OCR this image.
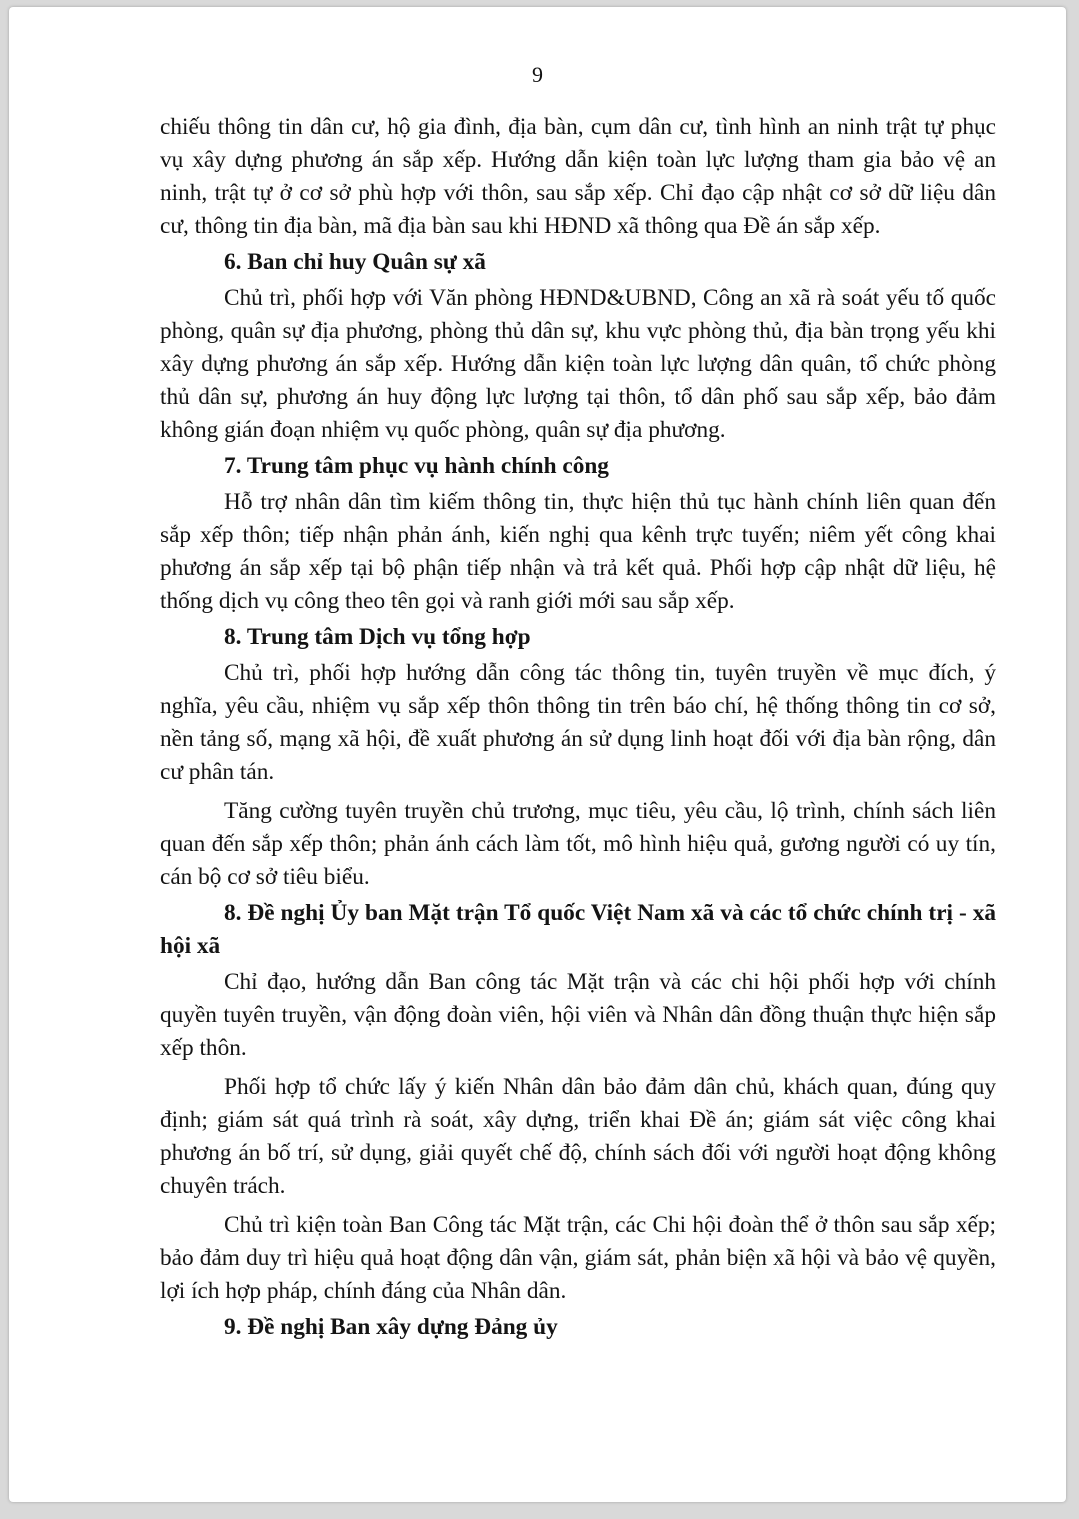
9

chiếu thông tin dân cư, hộ gia đình, địa bàn, cụm dân cư, tình hình an ninh trật tự phục vụ xây dựng phương án sắp xếp. Hướng dẫn kiện toàn lực lượng tham gia bảo vệ an ninh, trật tự ở cơ sở phù hợp với thôn, sau sắp xếp. Chỉ đạo cập nhật cơ sở dữ liệu dân cư, thông tin địa bàn, mã địa bàn sau khi HĐND xã thông qua Đề án sắp xếp.

6. Ban chỉ huy Quân sự xã

Chủ trì, phối hợp với Văn phòng HĐND&UBND, Công an xã rà soát yếu tố quốc phòng, quân sự địa phương, phòng thủ dân sự, khu vực phòng thủ, địa bàn trọng yếu khi xây dựng phương án sắp xếp. Hướng dẫn kiện toàn lực lượng dân quân, tổ chức phòng thủ dân sự, phương án huy động lực lượng tại thôn, tổ dân phố sau sắp xếp, bảo đảm không gián đoạn nhiệm vụ quốc phòng, quân sự địa phương.

7. Trung tâm phục vụ hành chính công

Hỗ trợ nhân dân tìm kiếm thông tin, thực hiện thủ tục hành chính liên quan đến sắp xếp thôn; tiếp nhận phản ánh, kiến nghị qua kênh trực tuyến; niêm yết công khai phương án sắp xếp tại bộ phận tiếp nhận và trả kết quả. Phối hợp cập nhật dữ liệu, hệ thống dịch vụ công theo tên gọi và ranh giới mới sau sắp xếp.

8. Trung tâm Dịch vụ tổng hợp

Chủ trì, phối hợp hướng dẫn công tác thông tin, tuyên truyền về mục đích, ý nghĩa, yêu cầu, nhiệm vụ sắp xếp thôn thông tin trên báo chí, hệ thống thông tin cơ sở, nền tảng số, mạng xã hội, đề xuất phương án sử dụng linh hoạt đối với địa bàn rộng, dân cư phân tán.

Tăng cường tuyên truyền chủ trương, mục tiêu, yêu cầu, lộ trình, chính sách liên quan đến sắp xếp thôn; phản ánh cách làm tốt, mô hình hiệu quả, gương người có uy tín, cán bộ cơ sở tiêu biểu.

8. Đề nghị Ủy ban Mặt trận Tổ quốc Việt Nam xã và các tổ chức chính trị - xã hội xã

Chỉ đạo, hướng dẫn Ban công tác Mặt trận và các chi hội phối hợp với chính quyền tuyên truyền, vận động đoàn viên, hội viên và Nhân dân đồng thuận thực hiện sắp xếp thôn.

Phối hợp tổ chức lấy ý kiến Nhân dân bảo đảm dân chủ, khách quan, đúng quy định; giám sát quá trình rà soát, xây dựng, triển khai Đề án; giám sát việc công khai phương án bố trí, sử dụng, giải quyết chế độ, chính sách đối với người hoạt động không chuyên trách.

Chủ trì kiện toàn Ban Công tác Mặt trận, các Chi hội đoàn thể ở thôn sau sắp xếp; bảo đảm duy trì hiệu quả hoạt động dân vận, giám sát, phản biện xã hội và bảo vệ quyền, lợi ích hợp pháp, chính đáng của Nhân dân.

9. Đề nghị Ban xây dựng Đảng ủy
